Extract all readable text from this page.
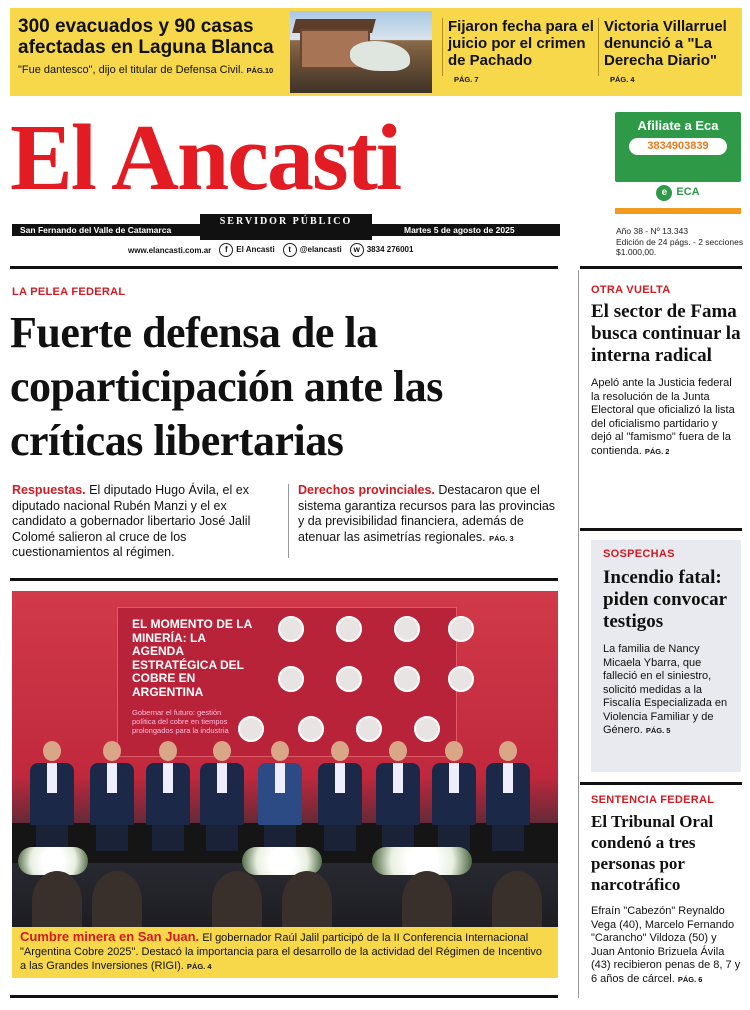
300 evacuados y 90 casas afectadas en Laguna Blanca

"Fue dantesco", dijo el titular de Defensa Civil. PÁG.10

Fijaron fecha para el juicio por el crimen de Pachado
PÁG. 7
Victoria Villarruel denunció a "La Derecha Diario"
PÁG. 4
El Ancasti
San Fernando del Valle de Catamarca	Martes 5 de agosto de 2025
SERVIDOR PÚBLICO
www.elancasti.com.ar	f El Ancasti	t @elancasti	w 3834 276001
Afiliate a Eca
3834903839
e ECA
Año 38 - Nº 13.343
Edición de 24 págs. - 2 secciones
$1.000,00.
LA PELEA FEDERAL
Fuerte defensa de la coparticipación ante las críticas libertarias
Respuestas. El diputado Hugo Ávila, el ex diputado nacional Rubén Manzi y el ex candidato a gobernador libertario José Jalil Colomé salieron al cruce de los cuestionamientos al régimen.
Derechos provinciales. Destacaron que el sistema garantiza recursos para las provincias y da previsibilidad financiera, además de atenuar las asimetrías regionales. PÁG. 3
EL MOMENTO DE LA MINERÍA: LA AGENDA ESTRATÉGICA DEL COBRE EN ARGENTINA
Gobernar el futuro: gestión política del cobre en tiempos prolongados para la industria
Cumbre minera en San Juan. El gobernador Raúl Jalil participó de la II Conferencia Internacional "Argentina Cobre 2025". Destacó la importancia para el desarrollo de la actividad del Régimen de Incentivo a las Grandes Inversiones (RIGI). PÁG. 4
OTRA VUELTA
El sector de Fama busca continuar la interna radical
Apeló ante la Justicia federal la resolución de la Junta Electoral que oficializó la lista del oficialismo partidario y dejó al "famismo" fuera de la contienda. PÁG. 2
SOSPECHAS
Incendio fatal: piden convocar testigos
La familia de Nancy Micaela Ybarra, que falleció en el siniestro, solicitó medidas a la Fiscalía Especializada en Violencia Familiar y de Género. PÁG. 5
SENTENCIA FEDERAL
El Tribunal Oral condenó a tres personas por narcotráfico
Efraín "Cabezón" Reynaldo Vega (40), Marcelo Fernando "Carancho" Vildoza (50) y Juan Antonio Brizuela Ávila (43) recibieron penas de 8, 7 y 6 años de cárcel. PÁG. 6
